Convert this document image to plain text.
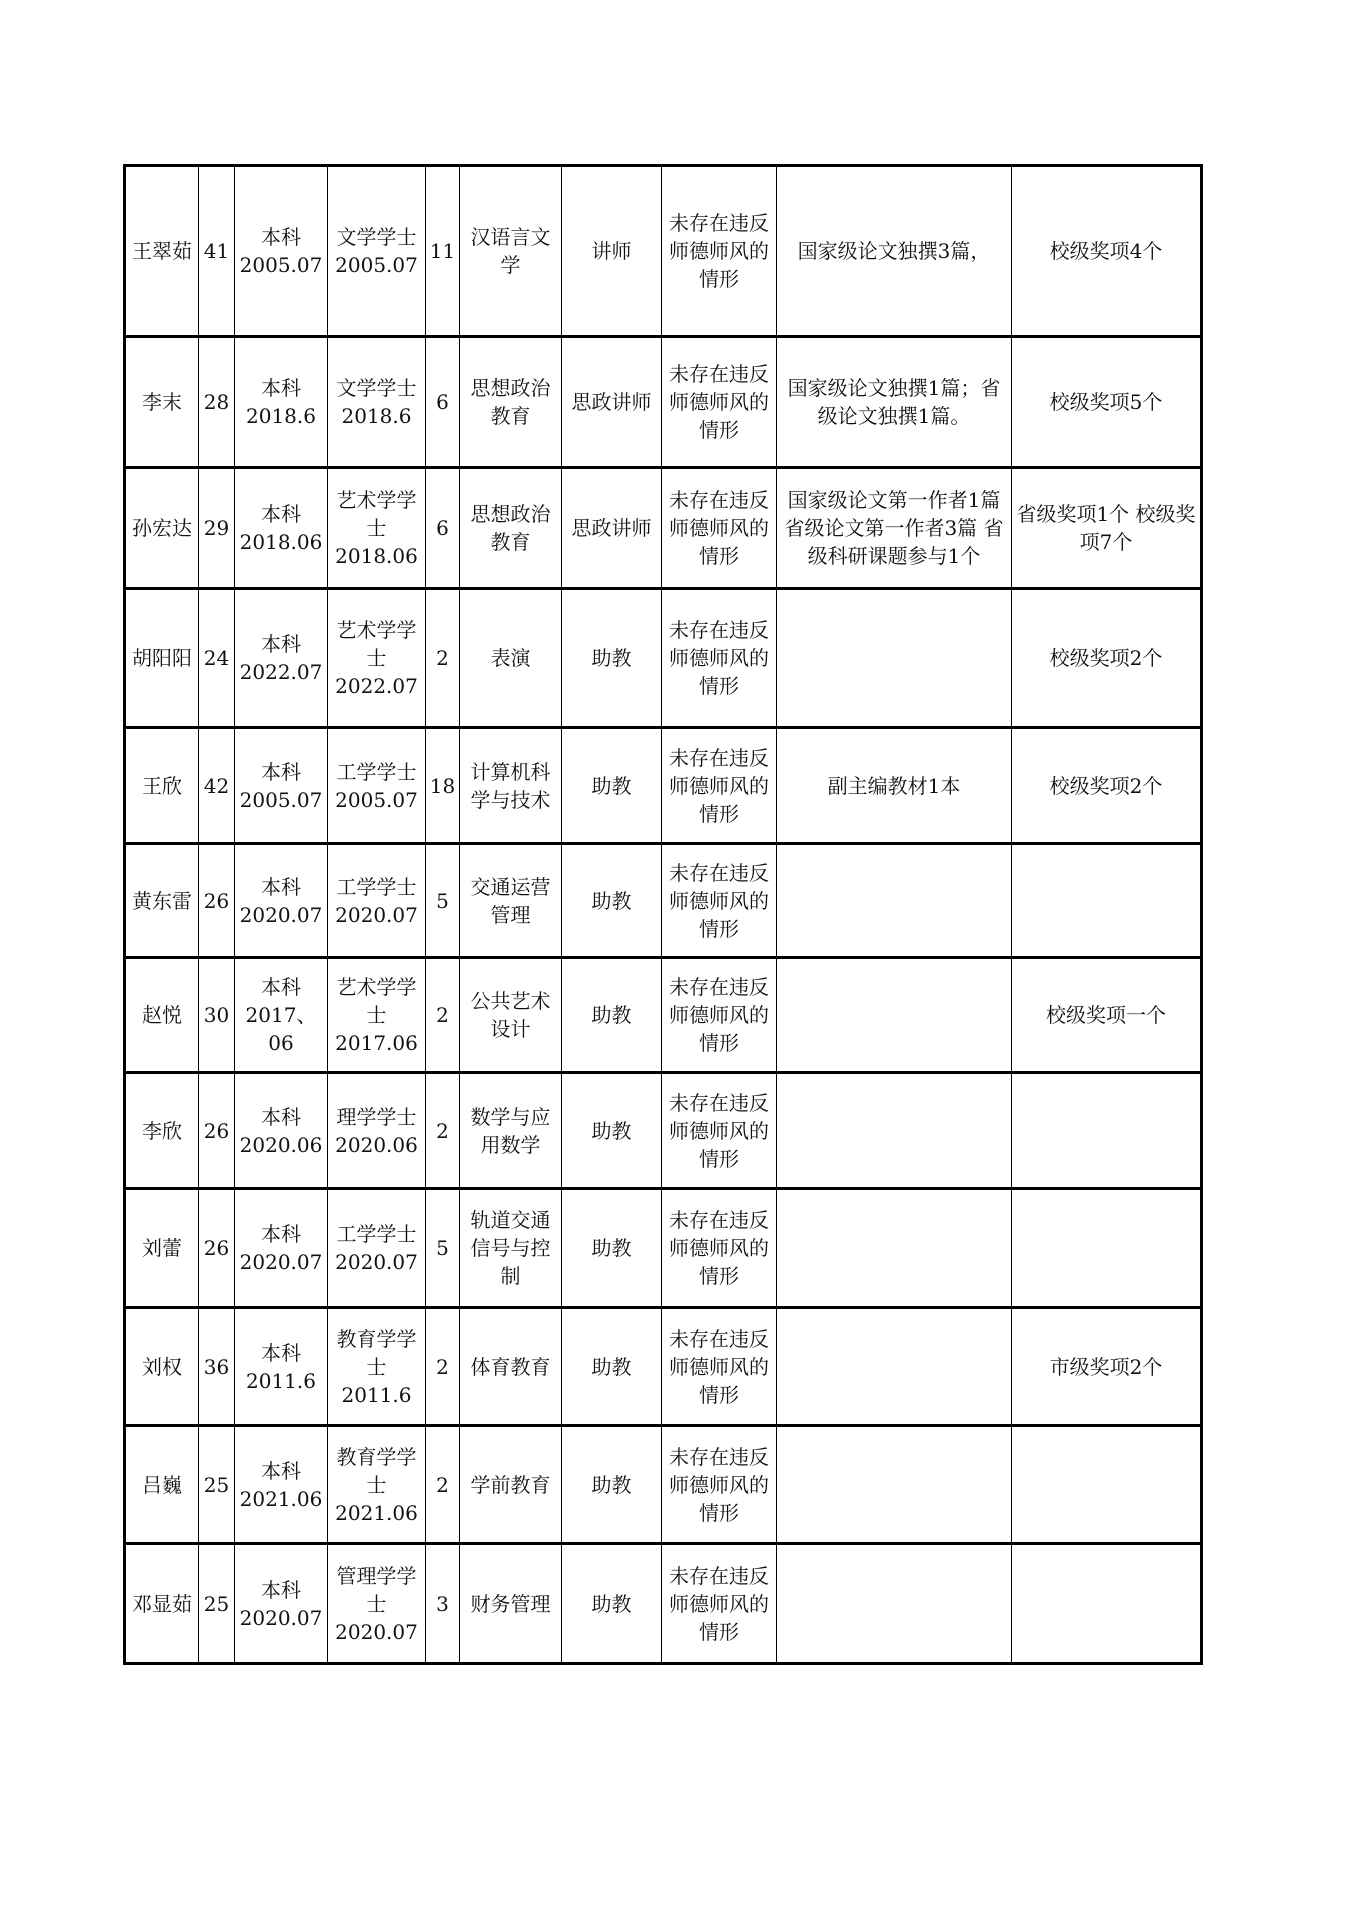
王翠茹	41	本科 2005.07	文学学士 2005.07	11	汉语言文学	讲师	未存在违反师德师风的情形	国家级论文独撰3篇，	校级奖项4个
李末	28	本科 2018.6	文学学士 2018.6	6	思想政治教育	思政讲师	未存在违反师德师风的情形	国家级论文独撰1篇；省级论文独撰1篇。	校级奖项5个
孙宏达	29	本科 2018.06	艺术学学士 2018.06	6	思想政治教育	思政讲师	未存在违反师德师风的情形	国家级论文第一作者1篇 省级论文第一作者3篇 省级科研课题参与1个	省级奖项1个 校级奖项7个
胡阳阳	24	本科 2022.07	艺术学学士 2022.07	2	表演	助教	未存在违反师德师风的情形		校级奖项2个
王欣	42	本科 2005.07	工学学士 2005.07	18	计算机科学与技术	助教	未存在违反师德师风的情形	副主编教材1本	校级奖项2个
黄东雷	26	本科 2020.07	工学学士 2020.07	5	交通运营管理	助教	未存在违反师德师风的情形		
赵悦	30	本科 2017、06	艺术学学士 2017.06	2	公共艺术设计	助教	未存在违反师德师风的情形		校级奖项一个
李欣	26	本科 2020.06	理学学士 2020.06	2	数学与应用数学	助教	未存在违反师德师风的情形		
刘蕾	26	本科 2020.07	工学学士 2020.07	5	轨道交通信号与控制	助教	未存在违反师德师风的情形		
刘权	36	本科 2011.6	教育学学士 2011.6	2	体育教育	助教	未存在违反师德师风的情形		市级奖项2个
吕巍	25	本科 2021.06	教育学学士 2021.06	2	学前教育	助教	未存在违反师德师风的情形		
邓显茹	25	本科 2020.07	管理学学士 2020.07	3	财务管理	助教	未存在违反师德师风的情形		
